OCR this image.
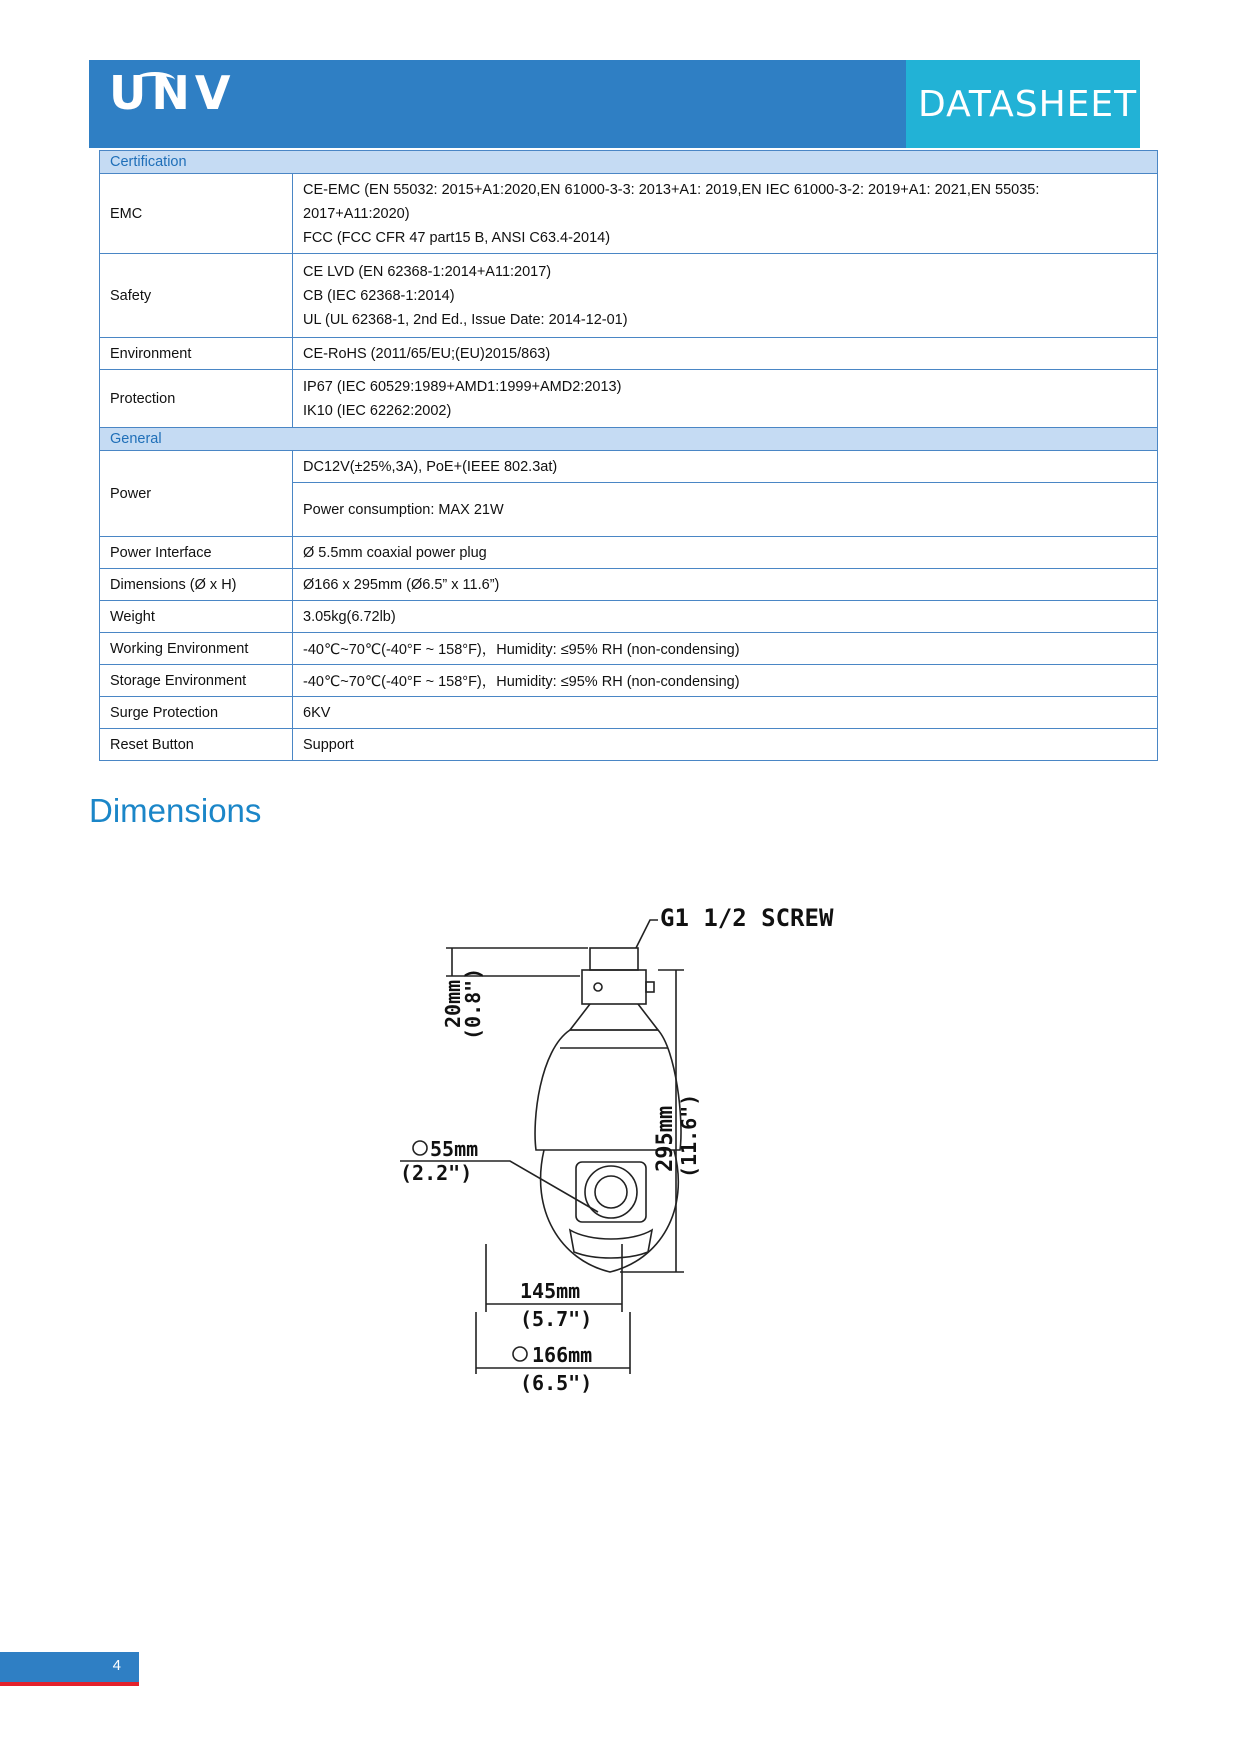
UNV	DATASHEET
Certification	
EMC	CE-EMC (EN 55032: 2015+A1:2020,EN 61000-3-3: 2013+A1: 2019,EN IEC 61000-3-2: 2019+A1: 2021,EN 55035: 2017+A11:2020)
FCC (FCC CFR 47 part15 B, ANSI C63.4-2014)

Safety	CE LVD (EN 62368-1:2014+A11:2017)
CB (IEC 62368-1:2014)
UL (UL 62368-1, 2nd Ed., Issue Date: 2014-12-01)

Environment	CE-RoHS (2011/65/EU;(EU)2015/863)
Protection	IP67 (IEC 60529:1989+AMD1:1999+AMD2:2013)
IK10 (IEC 62262:2002)

General	
Power	DC12V(±25%,3A), PoE+(IEEE 802.3at)
	Power consumption: MAX 21W
Power Interface	Ø 5.5mm coaxial power plug
Dimensions (Ø x H)	Ø166 x 295mm (Ø6.5” x 11.6”)
Weight	3.05kg(6.72lb)
Working Environment	-40℃~70℃(-40°F ~ 158°F)，Humidity: ≤95% RH (non-condensing)
Storage Environment	-40℃~70℃(-40°F ~ 158°F)，Humidity: ≤95% RH (non-condensing)
Surge Protection	6KV
Reset Button	Support
Dimensions
G1 1/2 SCREW
20mm
(0.8")
295mm (11.6")
55mm
(2.2")
145mm
(5.7")
166mm
(6.5")
4
